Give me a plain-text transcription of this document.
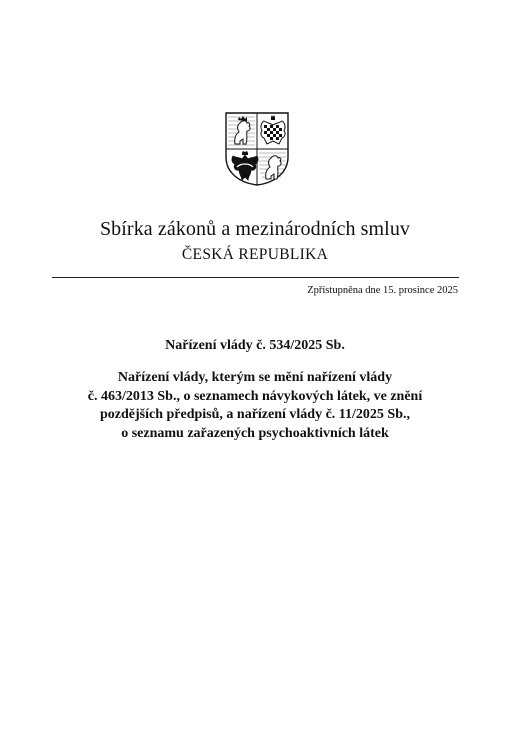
Sbírka zákonů a mezinárodních smluv
ČESKÁ REPUBLIKA
Zpřístupněna dne 15. prosince 2025
Nařízení vlády č. 534/2025 Sb.
Nařízení vlády, kterým se mění nařízení vlády
č. 463/2013 Sb., o seznamech návykových látek, ve znění
pozdějších předpisů, a nařízení vlády č. 11/2025 Sb.,
o seznamu zařazených psychoaktivních látek
